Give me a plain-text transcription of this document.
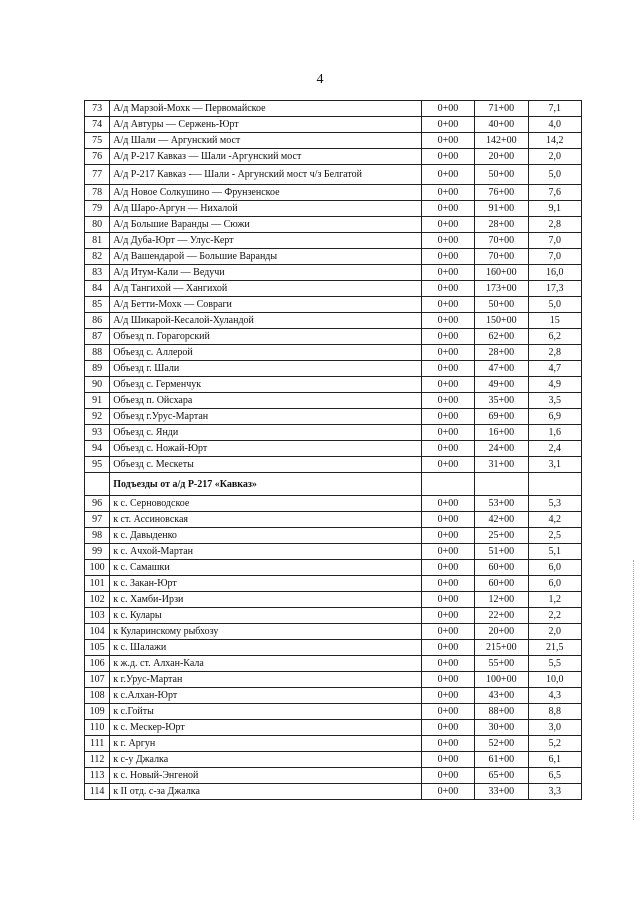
4
73	А/д Марзой-Мохк — Первомайское	0+00	71+00	7,1
74	А/д Автуры — Сержень-Юрт	0+00	40+00	4,0
75	А/д Шали — Аргунский мост	0+00	142+00	14,2
76	А/д Р-217 Кавказ — Шали -Аргунский мост	0+00	20+00	2,0
77	А/д Р-217 Кавказ -— Шали - Аргунский мост ч/з Белгатой	0+00	50+00	5,0
78	А/д Новое Солкушино — Фрунзенское	0+00	76+00	7,6
79	А/д Шаро-Аргун — Нихалой	0+00	91+00	9,1
80	А/д Большие Варанды — Сюжи	0+00	28+00	2,8
81	А/д Дуба-Юрт — Улус-Керт	0+00	70+00	7,0
82	А/д Вашендарой — Большие Варанды	0+00	70+00	7,0
83	А/д Итум-Кали — Ведучи	0+00	160+00	16,0
84	А/д Тангихой — Хангихой	0+00	173+00	17,3
85	А/д Бетти-Мохк — Совраги	0+00	50+00	5,0
86	А/д Шикарой-Кесалой-Хуландой	0+00	150+00	15
87	Объезд п. Горагорский	0+00	62+00	6,2
88	Объезд с. Аллерой	0+00	28+00	2,8
89	Объезд г. Шали	0+00	47+00	4,7
90	Объезд с. Герменчук	0+00	49+00	4,9
91	Объезд п. Ойсхара	0+00	35+00	3,5
92	Объезд г.Урус-Мартан	0+00	69+00	6,9
93	Объезд с. Янди	0+00	16+00	1,6
94	Объезд с. Ножай-Юрт	0+00	24+00	2,4
95	Объезд с. Мескеты	0+00	31+00	3,1
	Подъезды от а/д Р-217 «Кавказ»			
96	к с. Серноводское	0+00	53+00	5,3
97	к ст. Ассиновская	0+00	42+00	4,2
98	к с. Давыденко	0+00	25+00	2,5
99	к с. Ачхой-Мартан	0+00	51+00	5,1
100	к с. Самашки	0+00	60+00	6,0
101	к с. Закан-Юрт	0+00	60+00	6,0
102	к с. Хамби-Ирзи	0+00	12+00	1,2
103	к с. Кулары	0+00	22+00	2,2
104	к Куларинскому рыбхозу	0+00	20+00	2,0
105	к с. Шалажи	0+00	215+00	21,5
106	к ж.д. ст. Алхан-Кала	0+00	55+00	5,5
107	к г.Урус-Мартан	0+00	100+00	10,0
108	к с.Алхан-Юрт	0+00	43+00	4,3
109	к с.Гойты	0+00	88+00	8,8
110	к с. Мескер-Юрт	0+00	30+00	3,0
111	к г. Аргун	0+00	52+00	5,2
112	к с-у Джалка	0+00	61+00	6,1
113	к с. Новый-Энгеной	0+00	65+00	6,5
114	к II отд. с-за Джалка	0+00	33+00	3,3
